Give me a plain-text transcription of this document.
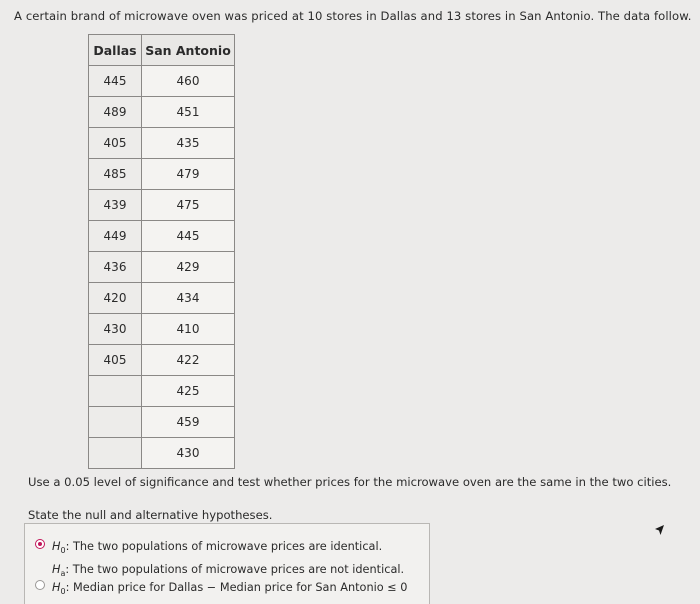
A certain brand of microwave oven was priced at 10 stores in Dallas and 13 stores in San Antonio. The data follow.
Dallas	San Antonio
445	460
489	451
405	435
485	479
439	475
449	445
436	429
420	434
430	410
405	422
	425
	459
	430
Use a 0.05 level of significance and test whether prices for the microwave oven are the same in the two cities.
State the null and alternative hypotheses.
$H_0$: The two populations of microwave prices are identical.
$H_a$: The two populations of microwave prices are not identical.
$H_0$: Median price for Dallas − Median price for San Antonio ≤ 0
